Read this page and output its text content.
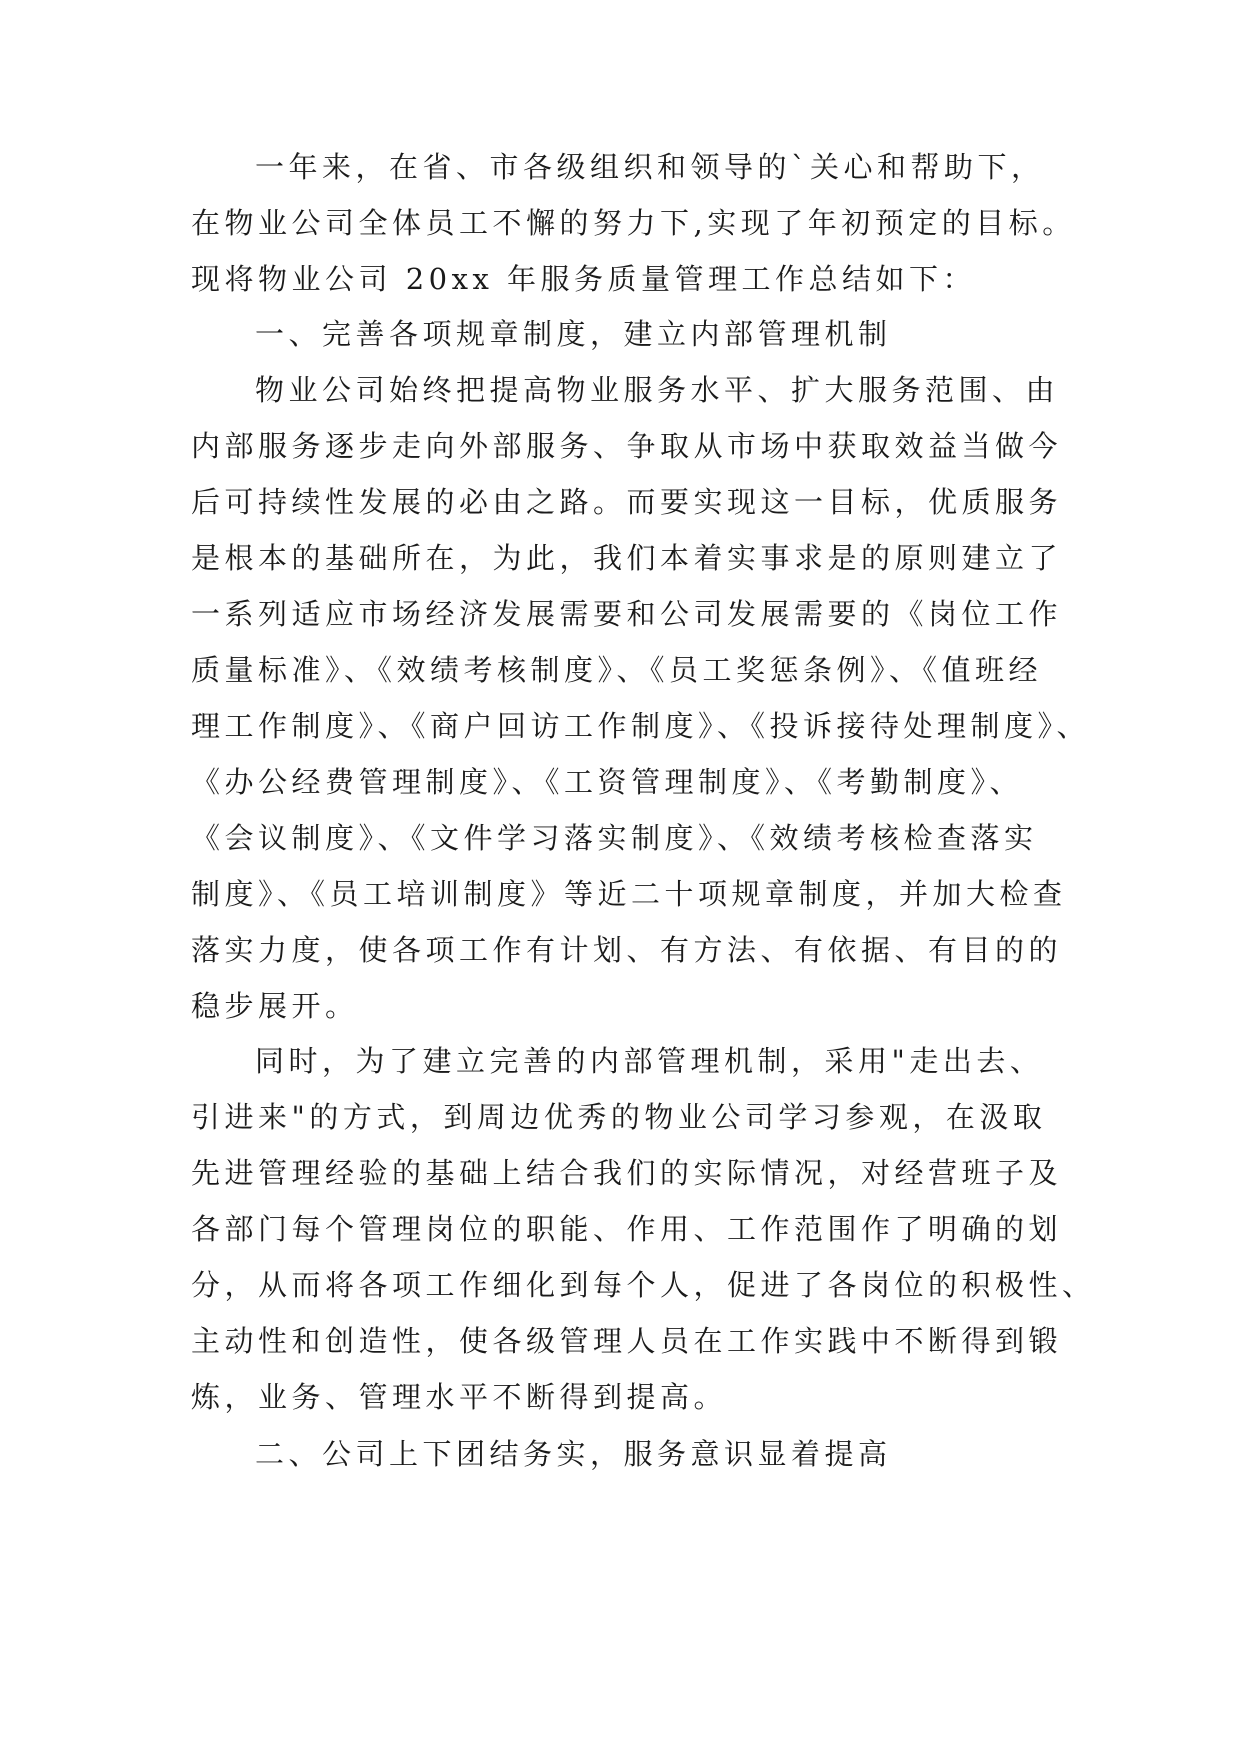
一年来，在省、市各级组织和领导的`关心和帮助下，
在物业公司全体员工不懈的努力下,实现了年初预定的目标。
现将物业公司 20xx 年服务质量管理工作总结如下：
一、完善各项规章制度，建立内部管理机制
物业公司始终把提高物业服务水平、扩大服务范围、由
内部服务逐步走向外部服务、争取从市场中获取效益当做今
后可持续性发展的必由之路。而要实现这一目标，优质服务
是根本的基础所在，为此，我们本着实事求是的原则建立了
一系列适应市场经济发展需要和公司发展需要的《岗位工作
质量标准》、《效绩考核制度》、《员工奖惩条例》、《值班经
理工作制度》、《商户回访工作制度》、《投诉接待处理制度》、
《办公经费管理制度》、《工资管理制度》、《考勤制度》、
《会议制度》、《文件学习落实制度》、《效绩考核检查落实
制度》、《员工培训制度》等近二十项规章制度，并加大检查
落实力度，使各项工作有计划、有方法、有依据、有目的的
稳步展开。
同时，为了建立完善的内部管理机制，采用"走出去、
引进来"的方式，到周边优秀的物业公司学习参观，在汲取
先进管理经验的基础上结合我们的实际情况，对经营班子及
各部门每个管理岗位的职能、作用、工作范围作了明确的划
分，从而将各项工作细化到每个人，促进了各岗位的积极性、
主动性和创造性，使各级管理人员在工作实践中不断得到锻
炼，业务、管理水平不断得到提高。
二、公司上下团结务实，服务意识显着提高
